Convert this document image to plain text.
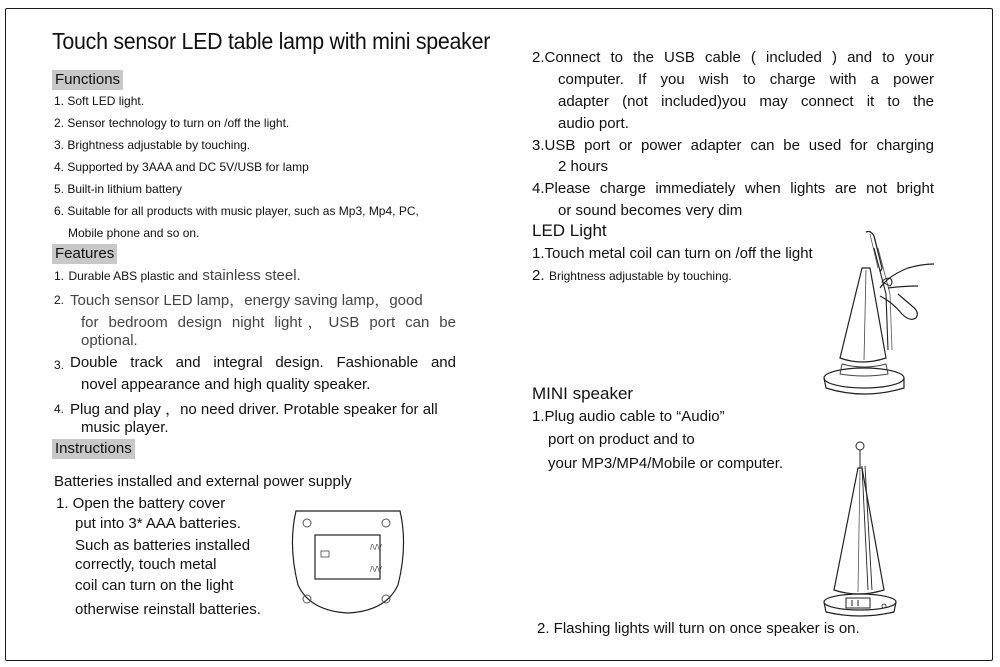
Touch sensor LED table lamp with mini speaker
Functions
1. Soft LED light.
2. Sensor technology to turn on /off the light.
3. Brightness adjustable by touching.
4. Supported by 3AAA and DC 5V/USB for lamp
5. Built-in lithium battery
6. Suitable for all products with music player, such as Mp3, Mp4, PC,
Mobile phone and so on.
Features
1. Durable ABS plastic and stainless steel.
2. Touch sensor LED lamp，energy saving lamp，good
for bedroom design night light，USB port can be
optional.
3. Double track and integral design. Fashionable and
novel appearance and high quality speaker.
4. Plug and play ，no need driver. Protable speaker for all
music player.
Instructions
Batteries installed and external power supply
1. Open the battery cover
put into 3* AAA batteries.
Such as batteries installed
correctly, touch metal
coil can turn on the light
otherwise reinstall batteries.
/\/\/
/\/\/
2.Connect to the USB cable ( included ) and to your
computer. If you wish to charge with a power
adapter (not included)you may connect it to the
audio port.
3.USB port or power adapter can be used for charging
2 hours
4.Please charge immediately when lights are not bright
or sound becomes very dim
LED Light
1.Touch metal coil can turn on /off the light
2. Brightness adjustable by touching.
MINI speaker
1.Plug audio cable to “Audio”
port on product and to
your MP3/MP4/Mobile or computer.
2. Flashing lights will turn on once speaker is on.
